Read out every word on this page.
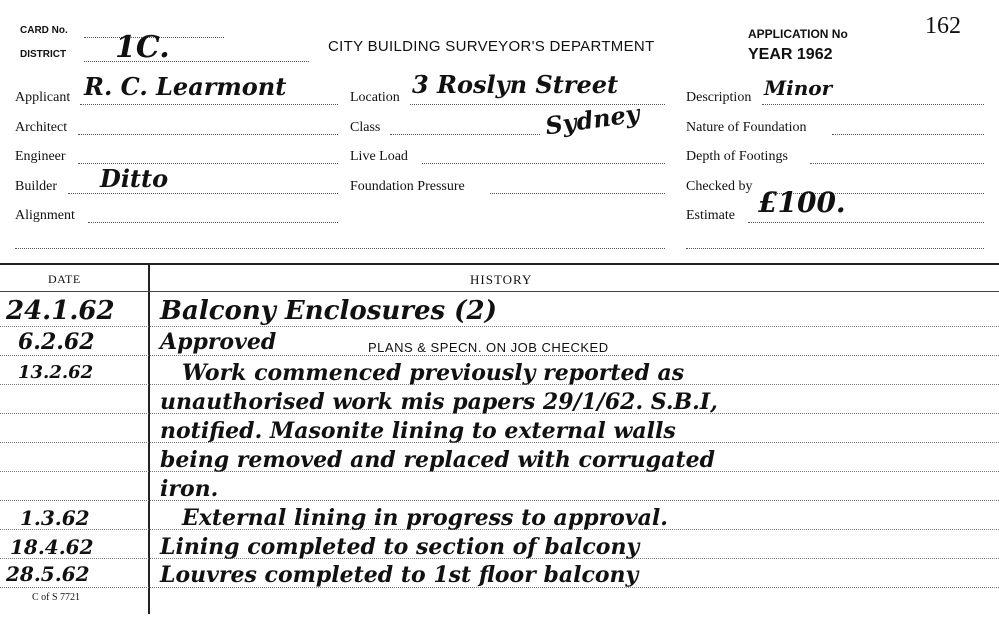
CARD No.
DISTRICT 1C.	CITY BUILDING SURVEYOR'S DEPARTMENT
APPLICATION No	162
YEAR 1962
Applicant R. C. Learmont
Architect
Engineer
Builder Ditto
Alignment
Location 3 Roslyn Street
Sydney
Class
Live Load
Foundation Pressure
Description Minor
Nature of Foundation
Depth of Footings
Checked by
Estimate £100.
DATE	HISTORY
24.1.62 Balcony Enclosures (2)
6.2.62	Approved	PLANS & SPECN. ON JOB CHECKED
13.2.62	Work commenced previously reported as
unauthorised work mis papers 29/1/62. S.B.I,
notified. Masonite lining to external walls
being removed and replaced with corrugated
iron.
1.3.62	External lining in progress to approval.
18.4.62	Lining completed to section of balcony
28.5.62	Louvres completed to 1st floor balcony
C of S 7721
